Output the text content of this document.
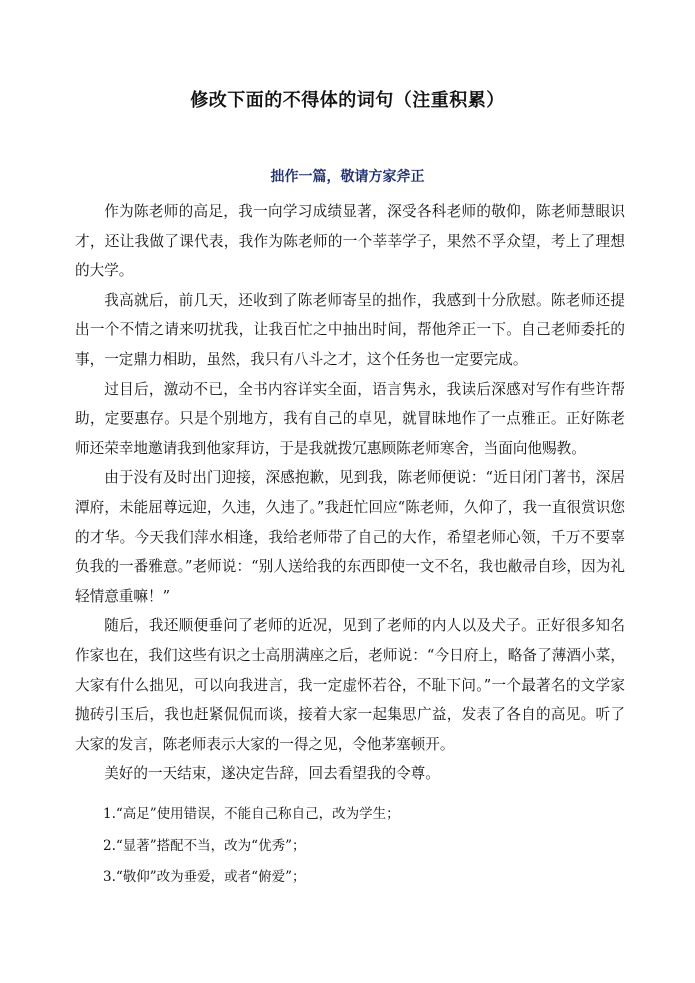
修改下面的不得体的词句（注重积累）
拙作一篇，敬请方家斧正

作为陈老师的高足，我一向学习成绩显著，深受各科老师的敬仰，陈老师慧眼识才，还让我做了课代表，我作为陈老师的一个莘莘学子，果然不孚众望，考上了理想的大学。

我高就后，前几天，还收到了陈老师寄呈的拙作，我感到十分欣慰。陈老师还提出一个不情之请来叨扰我，让我百忙之中抽出时间，帮他斧正一下。自己老师委托的事，一定鼎力相助，虽然，我只有八斗之才，这个任务也一定要完成。

过目后，激动不已，全书内容详实全面，语言隽永，我读后深感对写作有些许帮助，定要惠存。只是个别地方，我有自己的卓见，就冒昧地作了一点雅正。正好陈老师还荣幸地邀请我到他家拜访，于是我就拨冗惠顾陈老师寒舍，当面向他赐教。

由于没有及时出门迎接，深感抱歉，见到我，陈老师便说：“近日闭门著书，深居潭府，未能屈尊远迎，久违，久违了。”我赶忙回应“陈老师，久仰了，我一直很赏识您的才华。今天我们萍水相逢，我给老师带了自己的大作，希望老师心领，千万不要辜负我的一番雅意。”老师说：“别人送给我的东西即使一文不名，我也敝帚自珍，因为礼轻情意重嘛！”

随后，我还顺便垂问了老师的近况，见到了老师的内人以及犬子。正好很多知名作家也在，我们这些有识之士高朋满座之后，老师说：“今日府上，略备了薄酒小菜，大家有什么拙见，可以向我进言，我一定虚怀若谷，不耻下问。”一个最著名的文学家抛砖引玉后，我也赶紧侃侃而谈，接着大家一起集思广益，发表了各自的高见。听了大家的发言，陈老师表示大家的一得之见，令他茅塞顿开。

美好的一天结束，遂决定告辞，回去看望我的令尊。

1.“高足”使用错误，不能自己称自己，改为学生；
2.“显著”搭配不当，改为“优秀”；
3.“敬仰”改为垂爱，或者“俯爱”；
